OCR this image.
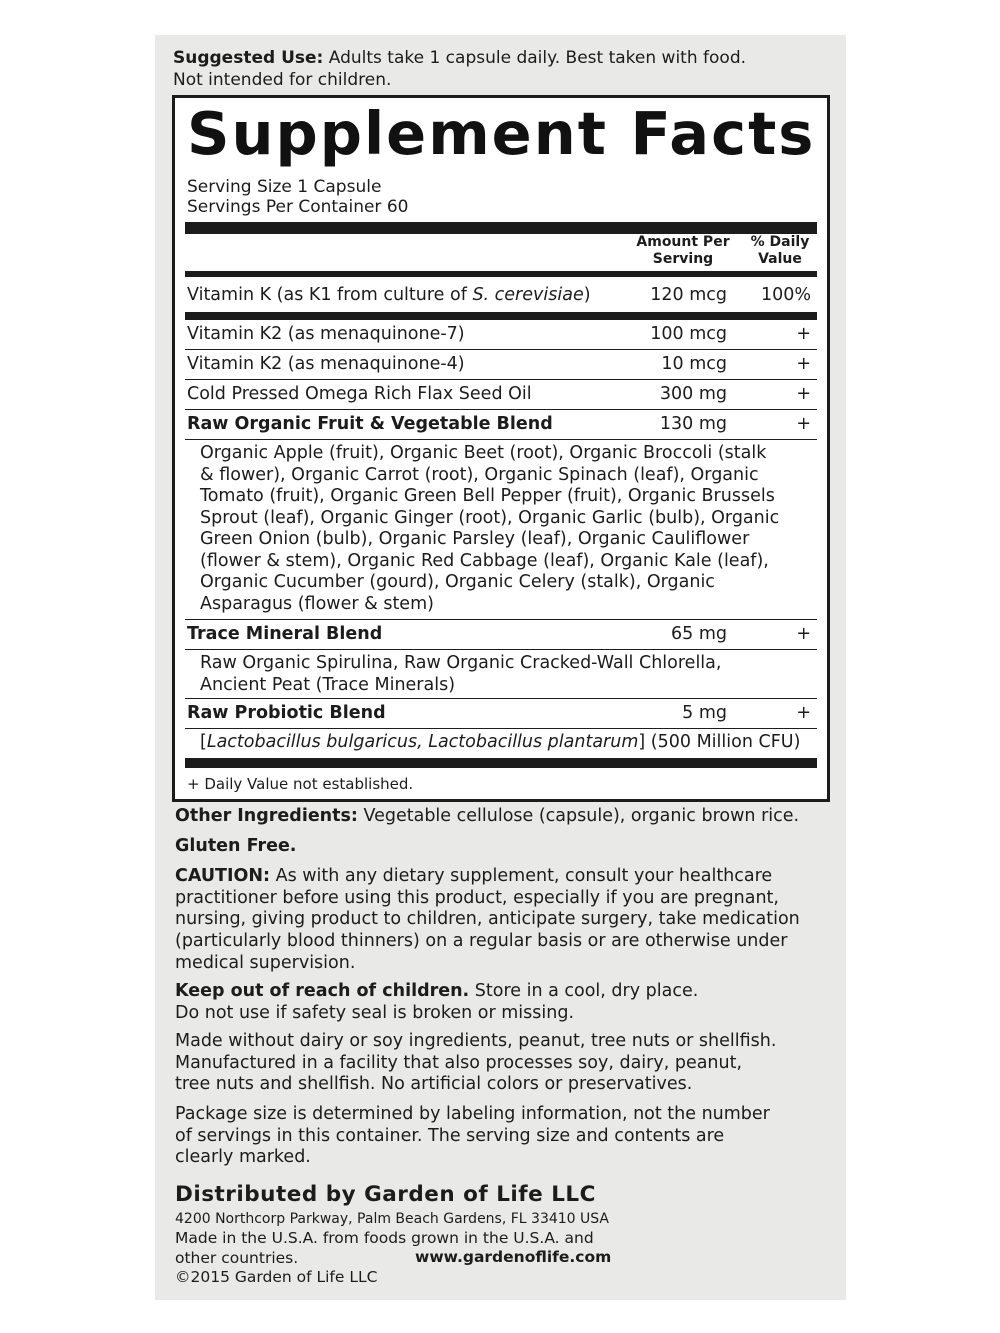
Suggested Use: Adults take 1 capsule daily. Best taken with food.
Not intended for children.
Supplement Facts
Serving Size 1 Capsule
Servings Per Container 60
Amount Per
Serving
% Daily
Value
Vitamin K (as K1 from culture of S. cerevisiae)	120 mcg	100%
Vitamin K2 (as menaquinone-7)	100 mcg	+
Vitamin K2 (as menaquinone-4)	10 mcg	+
Cold Pressed Omega Rich Flax Seed Oil	300 mg	+
Raw Organic Fruit & Vegetable Blend	130 mg	+
Organic Apple (fruit), Organic Beet (root), Organic Broccoli (stalk
& flower), Organic Carrot (root), Organic Spinach (leaf), Organic
Tomato (fruit), Organic Green Bell Pepper (fruit), Organic Brussels
Sprout (leaf), Organic Ginger (root), Organic Garlic (bulb), Organic
Green Onion (bulb), Organic Parsley (leaf), Organic Cauliflower
(flower & stem), Organic Red Cabbage (leaf), Organic Kale (leaf),
Organic Cucumber (gourd), Organic Celery (stalk), Organic
Asparagus (flower & stem)
Trace Mineral Blend	65 mg	+
Raw Organic Spirulina, Raw Organic Cracked-Wall Chlorella,
Ancient Peat (Trace Minerals)
Raw Probiotic Blend	5 mg	+
[Lactobacillus bulgaricus, Lactobacillus plantarum] (500 Million CFU)
+ Daily Value not established.
Other Ingredients: Vegetable cellulose (capsule), organic brown rice.
Gluten Free.
CAUTION: As with any dietary supplement, consult your healthcare
practitioner before using this product, especially if you are pregnant,
nursing, giving product to children, anticipate surgery, take medication
(particularly blood thinners) on a regular basis or are otherwise under
medical supervision.
Keep out of reach of children. Store in a cool, dry place.
Do not use if safety seal is broken or missing.
Made without dairy or soy ingredients, peanut, tree nuts or shellfish.
Manufactured in a facility that also processes soy, dairy, peanut,
tree nuts and shellfish. No artificial colors or preservatives.
Package size is determined by labeling information, not the number
of servings in this container. The serving size and contents are
clearly marked.
Distributed by Garden of Life LLC
4200 Northcorp Parkway, Palm Beach Gardens, FL 33410 USA
Made in the U.S.A. from foods grown in the U.S.A. and
other countries.	www.gardenoflife.com
©2015 Garden of Life LLC
